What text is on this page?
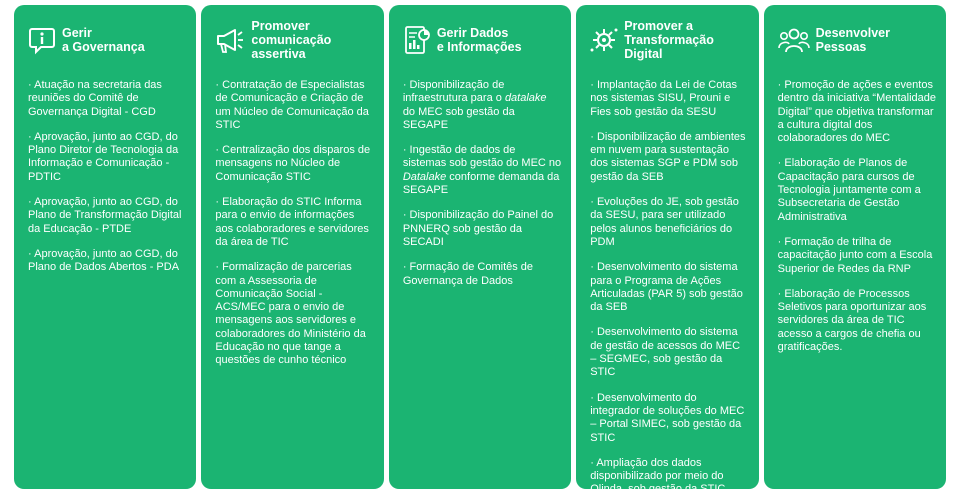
Gerir
a Governança
· Atuação na secretaria das reuniões do Comitê de Governança Digital - CGD
· Aprovação, junto ao CGD, do Plano Diretor de Tecnologia da Informação e Comunicação - PDTIC
· Aprovação, junto ao CGD, do Plano de Transformação Digital da Educação - PTDE
· Aprovação, junto ao CGD, do Plano de Dados Abertos - PDA
Promover
comunicação assertiva
· Contratação de Especialistas de Comunicação e Criação de um Núcleo de Comunicação da STIC
· Centralização dos disparos de mensagens no Núcleo de Comunicação STIC
· Elaboração do STIC Informa para o envio de informações aos colaboradores e servidores da área de TIC
· Formalização de parcerias com a Assessoria de Comunicação Social - ACS/MEC para o envio de mensagens aos servidores e colaboradores do Ministério da Educação no que tange a questões de cunho técnico
Gerir Dados
e Informações
· Disponibilização de infraestrutura para o datalake do MEC sob gestão da SEGAPE
· Ingestão de dados de sistemas sob gestão do MEC no Datalake conforme demanda da SEGAPE
· Disponibilização do Painel do PNNERQ sob gestão da SECADI
· Formação de Comitês de Governança de Dados
Promover a
Transformação Digital
· Implantação da Lei de Cotas nos sistemas SISU, Prouni e Fies sob gestão da SESU
· Disponibilização de ambientes em nuvem para sustentação dos sistemas SGP e PDM sob gestão da SEB
· Evoluções do JE, sob gestão da SESU, para ser utilizado pelos alunos beneficiários do PDM
· Desenvolvimento do sistema para o Programa de Ações Articuladas (PAR 5) sob gestão da SEB
· Desenvolvimento do sistema de gestão de acessos do MEC – SEGMEC, sob gestão da STIC
· Desenvolvimento do integrador de soluções do MEC – Portal SIMEC, sob gestão da STIC
· Ampliação dos dados disponibilizado por meio do Olinda, sob gestão da STIC
Desenvolver
Pessoas
· Promoção de ações e eventos dentro da iniciativa “Mentalidade Digital” que objetiva transformar a cultura digital dos colaboradores do MEC
· Elaboração de Planos de Capacitação para cursos de Tecnologia juntamente com a Subsecretaria de Gestão Administrativa
· Formação de trilha de capacitação junto com a Escola Superior de Redes da RNP
· Elaboração de Processos Seletivos para oportunizar aos servidores da área de TIC acesso a cargos de chefia ou gratificações.
